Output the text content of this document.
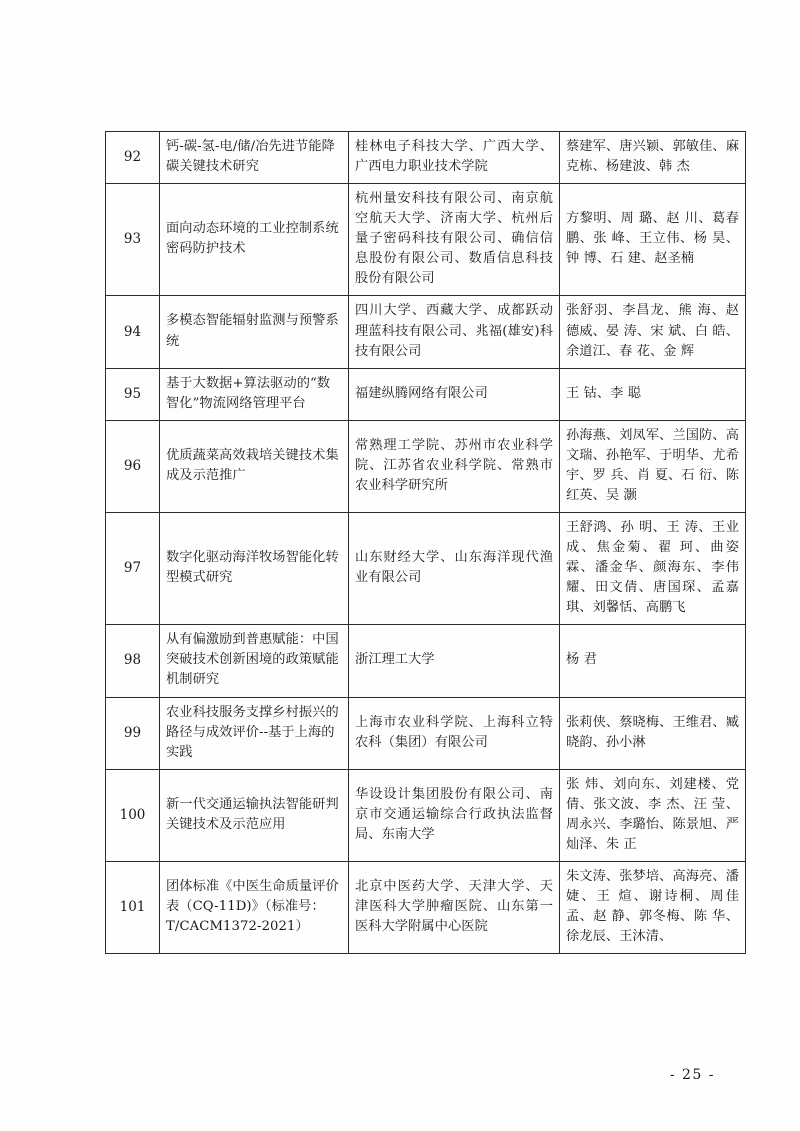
92	钙-碳-氢-电/储/冶先进节能降碳关键技术研究	桂林电子科技大学、广西大学、广西电力职业技术学院	蔡建军、唐兴颖、郭敏佳、麻克栋、杨建波、韩 杰
93	面向动态环境的工业控制系统密码防护技术	杭州量安科技有限公司、南京航空航天大学、济南大学、杭州后量子密码科技有限公司、确信信息股份有限公司、数盾信息科技股份有限公司	方黎明、周 璐、赵 川、葛春鹏、张 峰、王立伟、杨 昊、钟 博、石 建、赵圣楠
94	多模态智能辐射监测与预警系统	四川大学、西藏大学、成都跃动理蓝科技有限公司、兆福(雄安)科技有限公司	张舒羽、李昌龙、熊 海、赵德威、晏 涛、宋 斌、白 皓、余道江、春 花、金 辉
95	基于大数据+算法驱动的“数智化”物流网络管理平台	福建纵腾网络有限公司	王 钴、李 聪
96	优质蔬菜高效栽培关键技术集成及示范推广	常熟理工学院、苏州市农业科学院、江苏省农业科学院、常熟市农业科学研究所	孙海燕、刘凤军、兰国防、高文瑞、孙艳军、于明华、尤希宇、罗 兵、肖 夏、石 衍、陈红英、吴 灏
97	数字化驱动海洋牧场智能化转型模式研究	山东财经大学、山东海洋现代渔业有限公司	王舒鸿、孙 明、王 涛、王业成、焦金菊、翟 珂、曲姿霖、潘金华、颜海东、李伟耀、田文倩、唐国琛、孟嘉琪、刘馨恬、高鹏飞
98	从有偏激励到普惠赋能：中国突破技术创新困境的政策赋能机制研究	浙江理工大学	杨 君
99	农业科技服务支撑乡村振兴的路径与成效评价--基于上海的实践	上海市农业科学院、上海科立特农科（集团）有限公司	张莉侠、蔡晓梅、王维君、臧晓韵、孙小淋
100	新一代交通运输执法智能研判关键技术及示范应用	华设设计集团股份有限公司、南京市交通运输综合行政执法监督局、东南大学	张 炜、刘向东、刘建楼、党 倩、张文波、李 杰、汪 莹、周永兴、李璐怡、陈景旭、严灿泽、朱 正
101	团体标准《中医生命质量评价表（CQ-11D)》（标准号：T/CACM1372-2021）	北京中医药大学、天津大学、天津医科大学肿瘤医院、山东第一医科大学附属中心医院	朱文涛、张梦培、高海亮、潘 婕、王 煊、谢诗桐、周佳孟、赵 静、郭冬梅、陈 华、徐龙辰、王沐清、
- 25 -
